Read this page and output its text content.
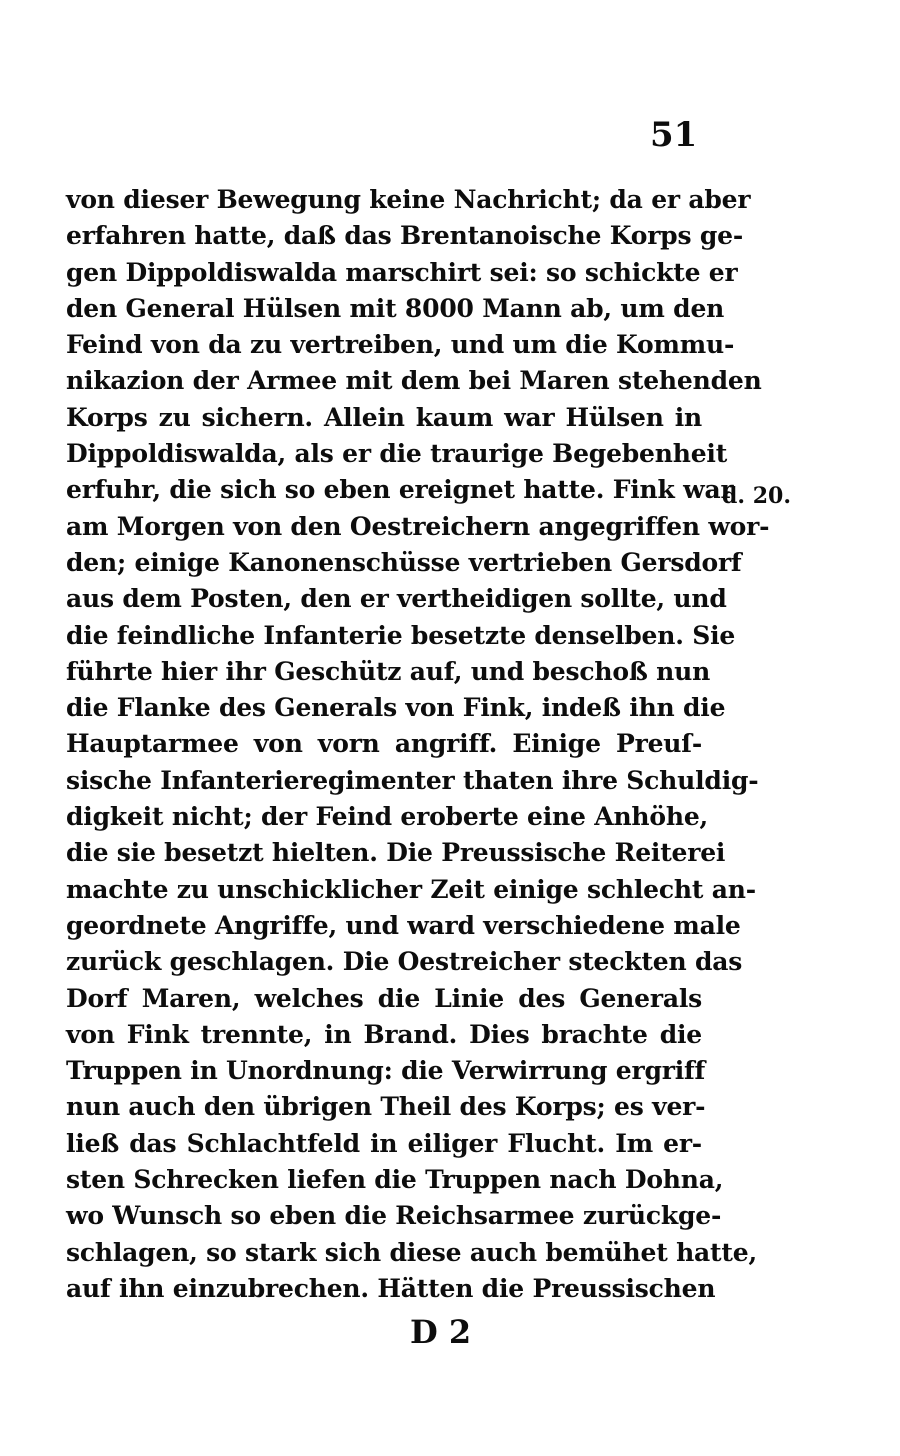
51
von dieser Bewegung keine Nachricht; da er aber
erfahren hatte, daß das Brentanoische Korps ge-
gen Dippoldiswalda marschirt sei: so schickte er
den General Hülsen mit 8000 Mann ab, um den
Feind von da zu vertreiben, und um die Kommu-
nikazion der Armee mit dem bei Maren stehenden
Korps zu sichern. Allein kaum war Hülsen in
Dippoldiswalda, als er die traurige Begebenheit
erfuhr, die sich so eben ereignet hatte. Fink war
am Morgen von den Oestreichern angegriffen wor-
den; einige Kanonenschüsse vertrieben Gersdorf
aus dem Posten, den er vertheidigen sollte, und
die feindliche Infanterie besetzte denselben. Sie
führte hier ihr Geschütz auf, und beschoß nun
die Flanke des Generals von Fink, indeß ihn die
Hauptarmee von vorn angriff. Einige Preuſ-
sische Infanterieregimenter thaten ihre Schuldig-
digkeit nicht; der Feind eroberte eine Anhöhe,
die sie besetzt hielten. Die Preussische Reiterei
machte zu unschicklicher Zeit einige schlecht an-
geordnete Angriffe, und ward verschiedene male
zurück geschlagen. Die Oestreicher steckten das
Dorf Maren, welches die Linie des Generals
von Fink trennte, in Brand. Dies brachte die
Truppen in Unordnung: die Verwirrung ergriff
nun auch den übrigen Theil des Korps; es ver-
ließ das Schlachtfeld in eiliger Flucht. Im er-
sten Schrecken liefen die Truppen nach Dohna,
wo Wunsch so eben die Reichsarmee zurückge-
schlagen, so stark sich diese auch bemühet hatte,
auf ihn einzubrechen. Hätten die Preussischen
d. 20.
D 2
